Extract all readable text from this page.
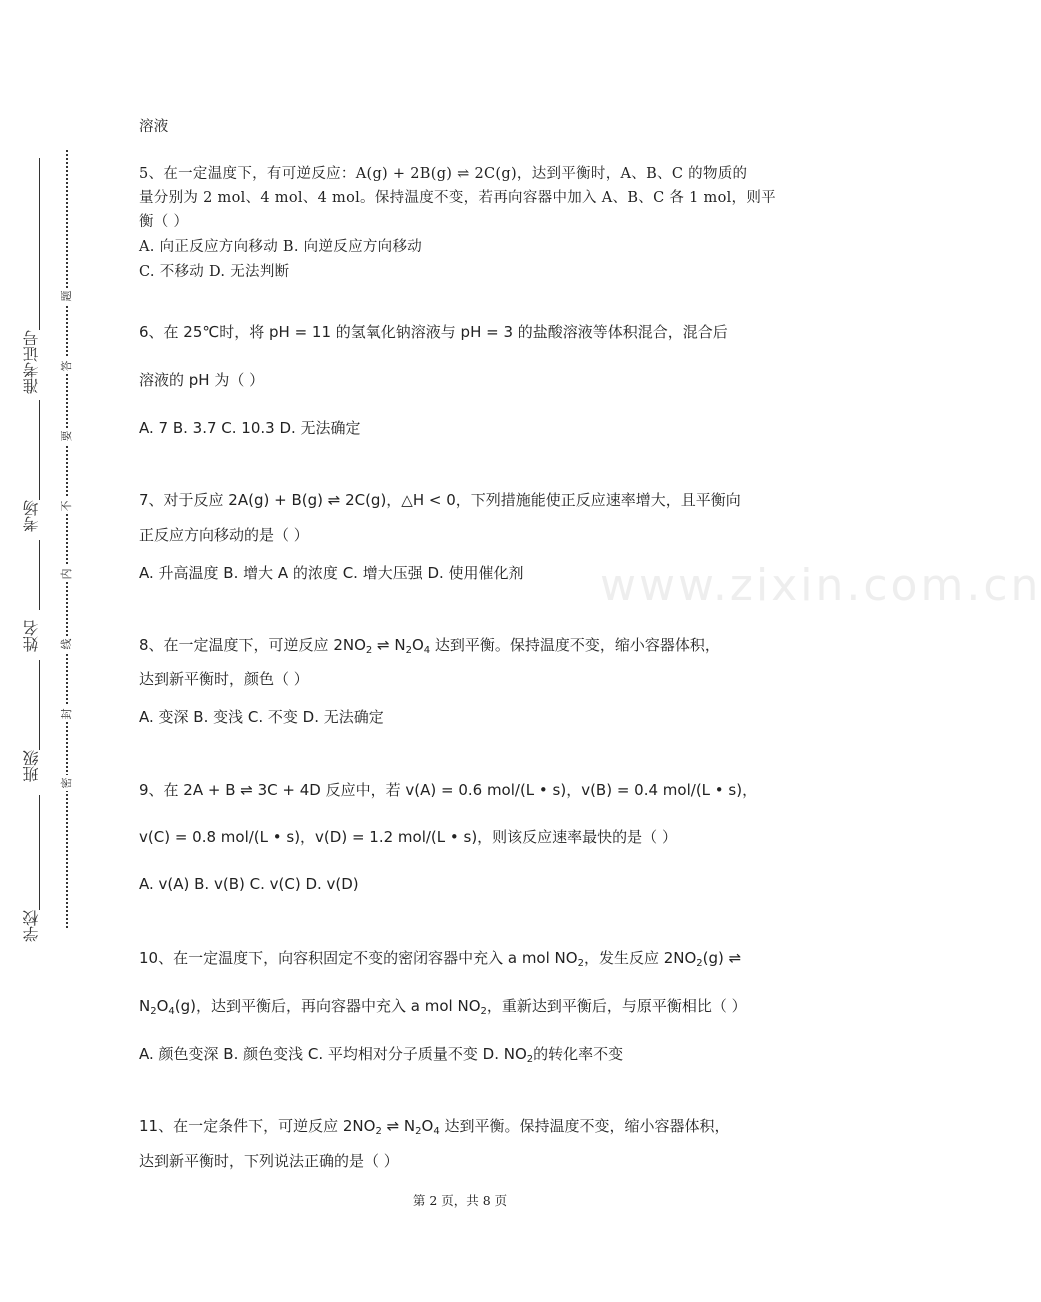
准考证号
考场
姓名
班级
学校
题
答
要
不
内
线
封
密
www.zixin.com.cn
溶液
5、在一定温度下，有可逆反应：A(g) + 2B(g) ⇌ 2C(g)，达到平衡时，A、B、C 的物质的
量分别为 2 mol、4 mol、4 mol。保持温度不变，若再向容器中加入 A、B、C 各 1 mol，则平
衡（ ）
A. 向正反应方向移动 B. 向逆反应方向移动
C. 不移动 D. 无法判断
6、在 25℃时，将 pH = 11 的氢氧化钠溶液与 pH = 3 的盐酸溶液等体积混合，混合后
溶液的 pH 为（ ）
A. 7 B. 3.7 C. 10.3 D. 无法确定
7、对于反应 2A(g) + B(g) ⇌ 2C(g)，△H < 0，下列措施能使正反应速率增大，且平衡向
正反应方向移动的是（ ）
A. 升高温度 B. 增大 A 的浓度 C. 增大压强 D. 使用催化剂
8、在一定温度下，可逆反应 $2NO_2$ ⇌ $N_2O_4$ 达到平衡。保持温度不变，缩小容器体积，
达到新平衡时，颜色（ ）
A. 变深 B. 变浅 C. 不变 D. 无法确定
9、在 2A + B ⇌ 3C + 4D 反应中，若 v(A) = 0.6 mol/(L • s)，v(B) = 0.4 mol/(L • s)，
v(C) = 0.8 mol/(L • s)，v(D) = 1.2 mol/(L • s)，则该反应速率最快的是（ ）
A. v(A) B. v(B) C. v(C) D. v(D)
10、在一定温度下，向容积固定不变的密闭容器中充入 a mol $NO_2$，发生反应 $2NO_2(g)$ ⇌
$N_2O_4(g)$，达到平衡后，再向容器中充入 a mol $NO_2$，重新达到平衡后，与原平衡相比（ ）
A. 颜色变深 B. 颜色变浅 C. 平均相对分子质量不变 D. $NO_2$的转化率不变
11、在一定条件下，可逆反应 $2NO_2$ ⇌ $N_2O_4$ 达到平衡。保持温度不变，缩小容器体积，
达到新平衡时，下列说法正确的是（ ）
第 2 页，共 8 页
